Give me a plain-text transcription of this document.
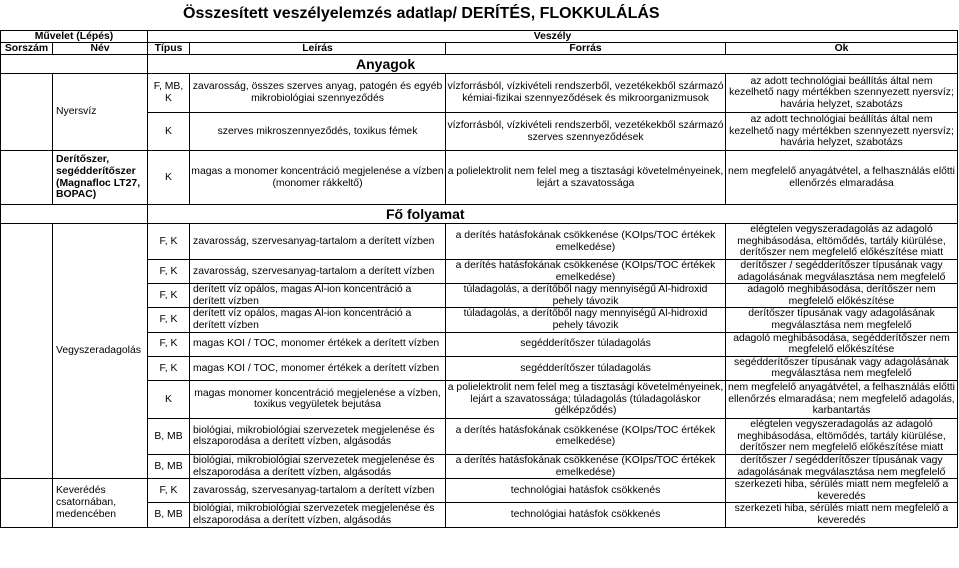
Összesített veszélyelemzés adatlap/ DERÍTÉS, FLOKKULÁLÁS
Művelet (Lépés)		Veszély			
Sorszám	Név	Típus	Leírás	Forrás	Ok
		Anyagok			
	Nyersvíz	F, MB, K	zavarosság, összes szerves anyag, patogén és egyéb mikrobiológiai szennyeződés	vízforrásból, vízkivételi rendszerből, vezetékekből származó kémiai-fizikai szennyeződések és mikroorganizmusok	az adott technológiai beállítás által nem kezelhető nagy mértékben szennyezett nyersvíz; havária helyzet, szabotázs
		K	szerves mikroszennyeződés, toxikus fémek	vízforrásból, vízkivételi rendszerből, vezetékekből származó szerves szennyeződések	az adott technológiai beállítás által nem kezelhető nagy mértékben szennyezett nyersvíz; havária helyzet, szabotázs
	Derítőszer, segédderítőszer (Magnafloc LT27, BOPAC)	K	magas a monomer koncentráció megjelenése a vízben (monomer rákkeltő)	a polielektrolit nem felel meg a tisztasági követelményeinek, lejárt a szavatossága	nem megfelelő anyagátvétel, a felhasználás előtti ellenőrzés elmaradása
		Fő folyamat			
	Vegyszeradagolás	F, K	zavarosság, szervesanyag-tartalom a derített vízben	a derítés hatásfokának csökkenése (KOIps/TOC értékek emelkedése)	elégtelen vegyszeradagolás az adagoló meghibásodása, eltömődés, tartály kiürülése, derítőszer nem megfelelő előkészítése miatt
		F, K	zavarosság, szervesanyag-tartalom a derített vízben	a derítés hatásfokának csökkenése (KOIps/TOC értékek emelkedése)	derítőszer / segédderítőszer típusának vagy adagolásának megválasztása nem megfelelő
		F, K	derített víz opálos, magas Al-ion koncentráció a derített vízben	túladagolás, a derítőből nagy mennyiségű Al-hidroxid pehely távozik	adagoló meghibásodása, derítőszer nem megfelelő előkészítése
		F, K	derített víz opálos, magas Al-ion koncentráció a derített vízben	túladagolás, a derítőből nagy mennyiségű Al-hidroxid pehely távozik	derítőszer típusának vagy adagolásának megválasztása nem megfelelő
		F, K	magas KOI / TOC, monomer értékek a derített vízben	segédderítőszer túladagolás	adagoló meghibásodása, segédderítőszer nem megfelelő előkészítése
		F, K	magas KOI / TOC, monomer értékek a derített vízben	segédderítőszer túladagolás	segédderítőszer típusának vagy adagolásának megválasztása nem megfelelő
		K	magas monomer koncentráció megjelenése a vízben, toxikus vegyületek bejutása	a polielektrolit nem felel meg a tisztasági követelményeinek, lejárt a szavatossága; túladagolás (túladagoláskor gélképződés)	nem megfelelő anyagátvétel, a felhasználás előtti ellenőrzés elmaradása; nem megfelelő adagolás, karbantartás
		B, MB	biológiai, mikrobiológiai szervezetek megjelenése és elszaporodása a derített vízben, algásodás	a derítés hatásfokának csökkenése (KOIps/TOC értékek emelkedése)	elégtelen vegyszeradagolás az adagoló meghibásodása, eltömődés, tartály kiürülése, derítőszer nem megfelelő előkészítése miatt
		B, MB	biológiai, mikrobiológiai szervezetek megjelenése és elszaporodása a derített vízben, algásodás	a derítés hatásfokának csökkenése (KOIps/TOC értékek emelkedése)	derítőszer / segédderítőszer típusának vagy adagolásának megválasztása nem megfelelő
	Keverédés csatornában, medencében	F, K	zavarosság, szervesanyag-tartalom a derített vízben	technológiai hatásfok csökkenés	szerkezeti hiba, sérülés miatt nem megfelelő a keveredés
		B, MB	biológiai, mikrobiológiai szervezetek megjelenése és elszaporodása a derített vízben, algásodás	technológiai hatásfok csökkenés	szerkezeti hiba, sérülés miatt nem megfelelő a keveredés
